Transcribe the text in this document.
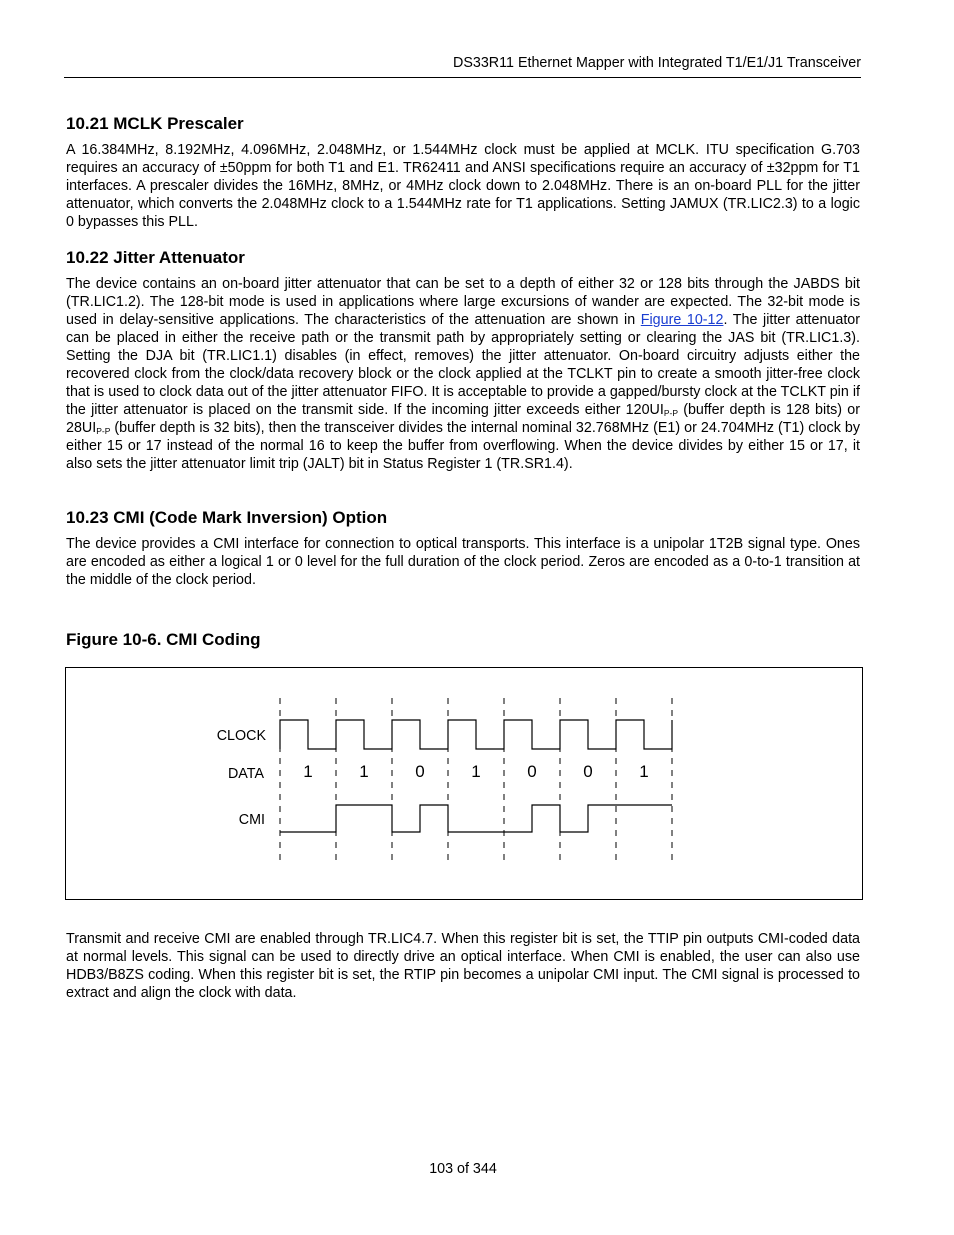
DS33R11 Ethernet Mapper with Integrated T1/E1/J1 Transceiver
10.21 MCLK Prescaler

A 16.384MHz, 8.192MHz, 4.096MHz, 2.048MHz, or 1.544MHz clock must be applied at MCLK. ITU specification G.703 requires an accuracy of ±50ppm for both T1 and E1. TR62411 and ANSI specifications require an accuracy of ±32ppm for T1 interfaces. A prescaler divides the 16MHz, 8MHz, or 4MHz clock down to 2.048MHz. There is an on-board PLL for the jitter attenuator, which converts the 2.048MHz clock to a 1.544MHz rate for T1 applications. Setting JAMUX (TR.LIC2.3) to a logic 0 bypasses this PLL.

10.22 Jitter Attenuator

The device contains an on-board jitter attenuator that can be set to a depth of either 32 or 128 bits through the JABDS bit (TR.LIC1.2). The 128-bit mode is used in applications where large excursions of wander are expected. The 32-bit mode is used in delay-sensitive applications. The characteristics of the attenuation are shown in Figure 10-12. The jitter attenuator can be placed in either the receive path or the transmit path by appropriately setting or clearing the JAS bit (TR.LIC1.3). Setting the DJA bit (TR.LIC1.1) disables (in effect, removes) the jitter attenuator. On-board circuitry adjusts either the recovered clock from the clock/data recovery block or the clock applied at the TCLKT pin to create a smooth jitter-free clock that is used to clock data out of the jitter attenuator FIFO. It is acceptable to provide a gapped/bursty clock at the TCLKT pin if the jitter attenuator is placed on the transmit side. If the incoming jitter exceeds either $120UI_{P-P}$ (buffer depth is 128 bits) or $28UI_{P-P}$ (buffer depth is 32 bits), then the transceiver divides the internal nominal 32.768MHz (E1) or 24.704MHz (T1) clock by either 15 or 17 instead of the normal 16 to keep the buffer from overflowing. When the device divides by either 15 or 17, it also sets the jitter attenuator limit trip (JALT) bit in Status Register 1 (TR.SR1.4).

10.23 CMI (Code Mark Inversion) Option

The device provides a CMI interface for connection to optical transports. This interface is a unipolar 1T2B signal type. Ones are encoded as either a logical 1 or 0 level for the full duration of the clock period. Zeros are encoded as a 0-to-1 transition at the middle of the clock period.

Figure 10-6. CMI Coding
CLOCK
DATA
CMI
1	1	0	1	0	0	1

Transmit and receive CMI are enabled through TR.LIC4.7. When this register bit is set, the TTIP pin outputs CMI-coded data at normal levels. This signal can be used to directly drive an optical interface. When CMI is enabled, the user can also use HDB3/B8ZS coding. When this register bit is set, the RTIP pin becomes a unipolar CMI input. The CMI signal is processed to extract and align the clock with data.

103 of 344
